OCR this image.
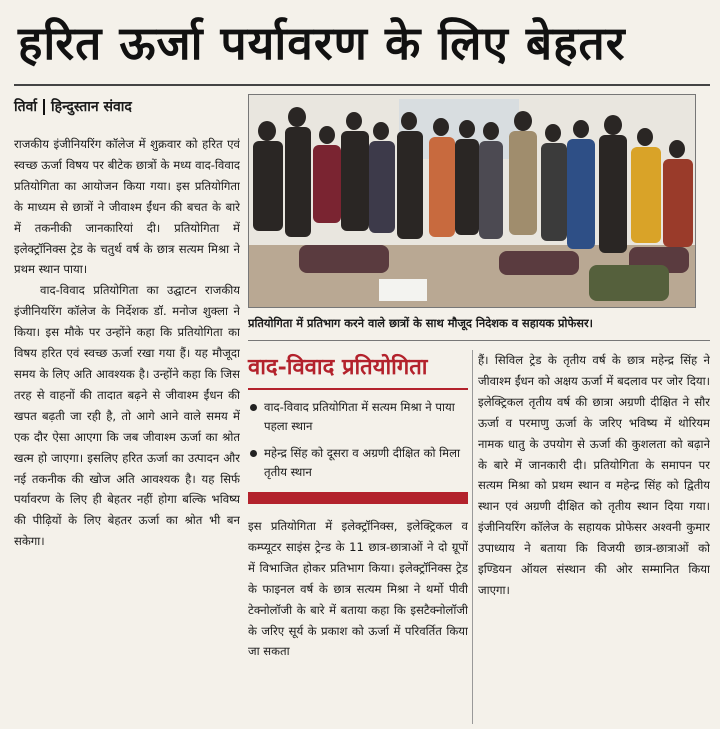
हरित ऊर्जा पर्यावरण के लिए बेहतर
तिर्वा हिन्दुस्तान संवाद

राजकीय इंजीनियरिंग कॉलेज में शुक्रवार को हरित एवं स्वच्छ ऊर्जा विषय पर बीटेक छात्रों के मध्य वाद-विवाद प्रतियोगिता का आयोजन किया गया। इस प्रतियोगिता के माध्यम से छात्रों ने जीवाश्म ईंधन की बचत के बारे में तकनीकी जानकारियां दी। प्रतियोगिता में इलेक्ट्रॉनिक्स ट्रेड के चतुर्थ वर्ष के छात्र सत्यम मिश्रा ने प्रथम स्थान पाया।

वाद-विवाद प्रतियोगिता का उद्घाटन राजकीय इंजीनियरिंग कॉलेज के निर्देशक डॉ. मनोज शुक्ला ने किया। इस मौके पर उन्होंने कहा कि प्रतियोगिता का विषय हरित एवं स्वच्छ ऊर्जा रखा गया हैं। यह मौजूदा समय के लिए अति आवश्यक है। उन्होंने कहा कि जिस तरह से वाहनों की तादात बढ़ने से जीवाश्म ईंधन की खपत बढ़ती जा रही है, तो आगे आने वाले समय में एक दौर ऐसा आएगा कि जब जीवाश्म ऊर्जा का श्रोत खत्म हो जाएगा। इसलिए हरित ऊर्जा का उत्पादन और नई तकनीक की खोज अति आवश्यक है। यह सिर्फ पर्यावरण के लिए ही बेहतर नहीं होगा बल्कि भविष्य की पीढ़ियों के लिए बेहतर ऊर्जा का श्रोत भी बन सकेगा।

प्रतियोगिता में प्रतिभाग करने वाले छात्रों के साथ मौजूद निदेशक व सहायक प्रोफेसर।
वाद-विवाद प्रतियोगिता
वाद-विवाद प्रतियोगिता में सत्यम मिश्रा ने पाया पहला स्थान
महेन्द्र सिंह को दूसरा व अग्रणी दीक्षित को मिला तृतीय स्थान
इस प्रतियोगिता में इलेक्ट्रॉनिक्स, इलेक्ट्रिकल व कम्प्यूटर साइंस ट्रेन्ड के 11 छात्र-छात्राओं ने दो ग्रूपों में विभाजित होकर प्रतिभाग किया। इलेक्ट्रॉनिक्स ट्रेड के फाइनल वर्ष के छात्र सत्यम मिश्रा ने थर्मो पीवी टेक्नोलॉजी के बारे में बताया कहा कि इसटैक्नोलॉजी के जरिए सूर्य के प्रकाश को ऊर्जा में परिवर्तित किया जा सकता
हैं। सिविल ट्रेड के तृतीय वर्ष के छात्र महेन्द्र सिंह ने जीवाश्म ईंधन को अक्षय ऊर्जा में बदलाव पर जोर दिया। इलेक्ट्रिकल तृतीय वर्ष की छात्रा अग्रणी दीक्षित ने सौर ऊर्जा व परमाणु ऊर्जा के जरिए भविष्य में थोरियम नामक धातु के उपयोग से ऊर्जा की कुशलता को बढ़ाने के बारे में जानकारी दी। प्रतियोगिता के समापन पर सत्यम मिश्रा को प्रथम स्थान व महेन्द्र सिंह को द्वितीय स्थान एवं अग्रणी दीक्षित को तृतीय स्थान दिया गया। इंजीनियरिंग कॉलेज के सहायक प्रोफेसर अश्वनी कुमार उपाध्याय ने बताया कि विजयी छात्र-छात्राओं को इण्डियन ऑयल संस्थान की ओर सम्मानित किया जाएगा।
